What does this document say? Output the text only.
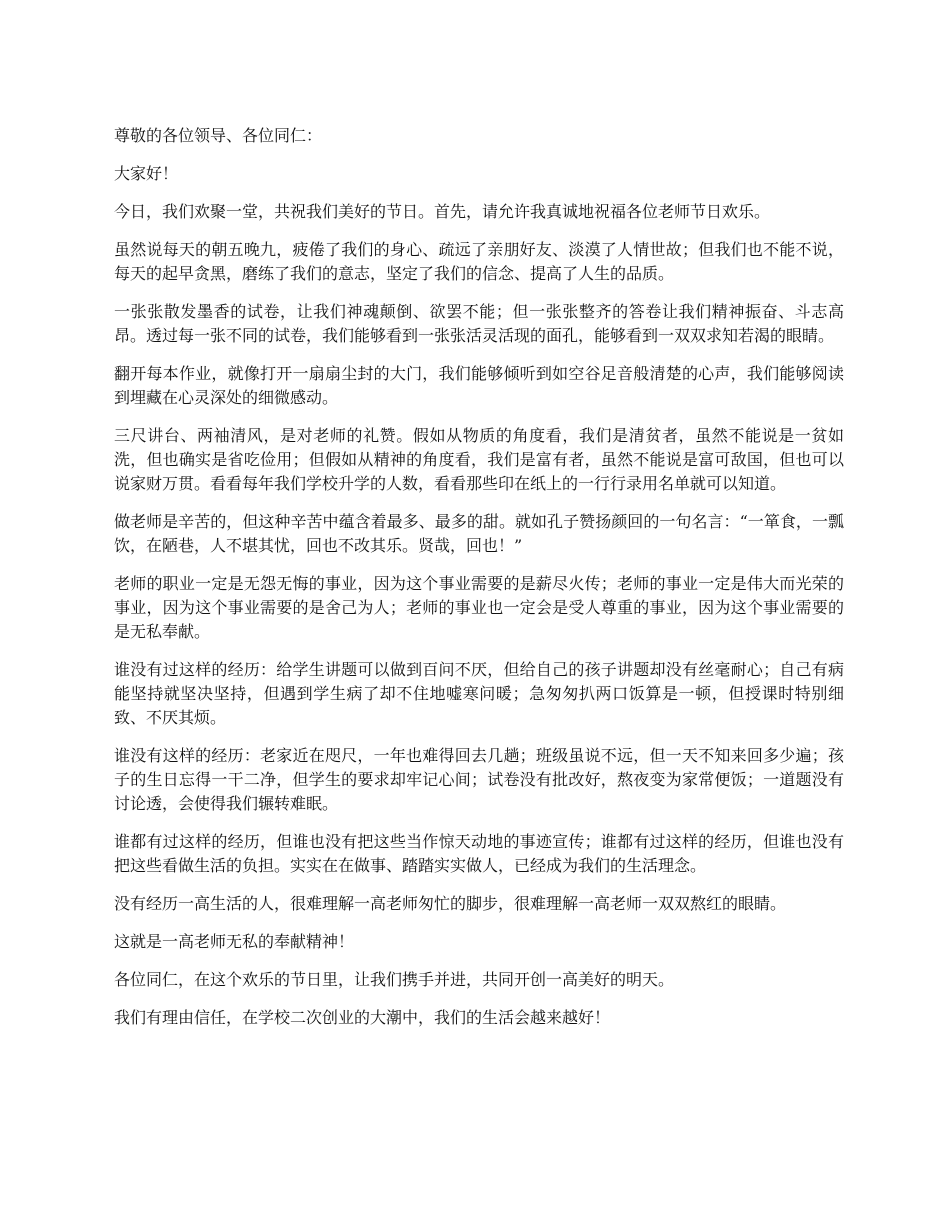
尊敬的各位领导、各位同仁：

大家好！

今日，我们欢聚一堂，共祝我们美好的节日。首先，请允许我真诚地祝福各位老师节日欢乐。

虽然说每天的朝五晚九，疲倦了我们的身心、疏远了亲朋好友、淡漠了人情世故；但我们也不能不说，每天的起早贪黑，磨练了我们的意志，坚定了我们的信念、提高了人生的品质。

一张张散发墨香的试卷，让我们神魂颠倒、欲罢不能；但一张张整齐的答卷让我们精神振奋、斗志高昂。透过每一张不同的试卷，我们能够看到一张张活灵活现的面孔，能够看到一双双求知若渴的眼睛。

翻开每本作业，就像打开一扇扇尘封的大门，我们能够倾听到如空谷足音般清楚的心声，我们能够阅读到埋藏在心灵深处的细微感动。

三尺讲台、两袖清风，是对老师的礼赞。假如从物质的角度看，我们是清贫者，虽然不能说是一贫如洗，但也确实是省吃俭用；但假如从精神的角度看，我们是富有者，虽然不能说是富可敌国，但也可以说家财万贯。看看每年我们学校升学的人数，看看那些印在纸上的一行行录用名单就可以知道。

做老师是辛苦的，但这种辛苦中蕴含着最多、最多的甜。就如孔子赞扬颜回的一句名言：“一箪食，一瓢饮，在陋巷，人不堪其忧，回也不改其乐。贤哉，回也！”

老师的职业一定是无怨无悔的事业，因为这个事业需要的是薪尽火传；老师的事业一定是伟大而光荣的事业，因为这个事业需要的是舍己为人；老师的事业也一定会是受人尊重的事业，因为这个事业需要的是无私奉献。

谁没有过这样的经历：给学生讲题可以做到百问不厌，但给自己的孩子讲题却没有丝毫耐心；自己有病能坚持就坚决坚持，但遇到学生病了却不住地嘘寒问暖；急匆匆扒两口饭算是一顿，但授课时特别细致、不厌其烦。

谁没有这样的经历：老家近在咫尺，一年也难得回去几趟；班级虽说不远，但一天不知来回多少遍；孩子的生日忘得一干二净，但学生的要求却牢记心间；试卷没有批改好，熬夜变为家常便饭；一道题没有讨论透，会使得我们辗转难眠。

谁都有过这样的经历，但谁也没有把这些当作惊天动地的事迹宣传；谁都有过这样的经历，但谁也没有把这些看做生活的负担。实实在在做事、踏踏实实做人，已经成为我们的生活理念。

没有经历一高生活的人，很难理解一高老师匆忙的脚步，很难理解一高老师一双双熬红的眼睛。

这就是一高老师无私的奉献精神！

各位同仁，在这个欢乐的节日里，让我们携手并进，共同开创一高美好的明天。

我们有理由信任，在学校二次创业的大潮中，我们的生活会越来越好！
